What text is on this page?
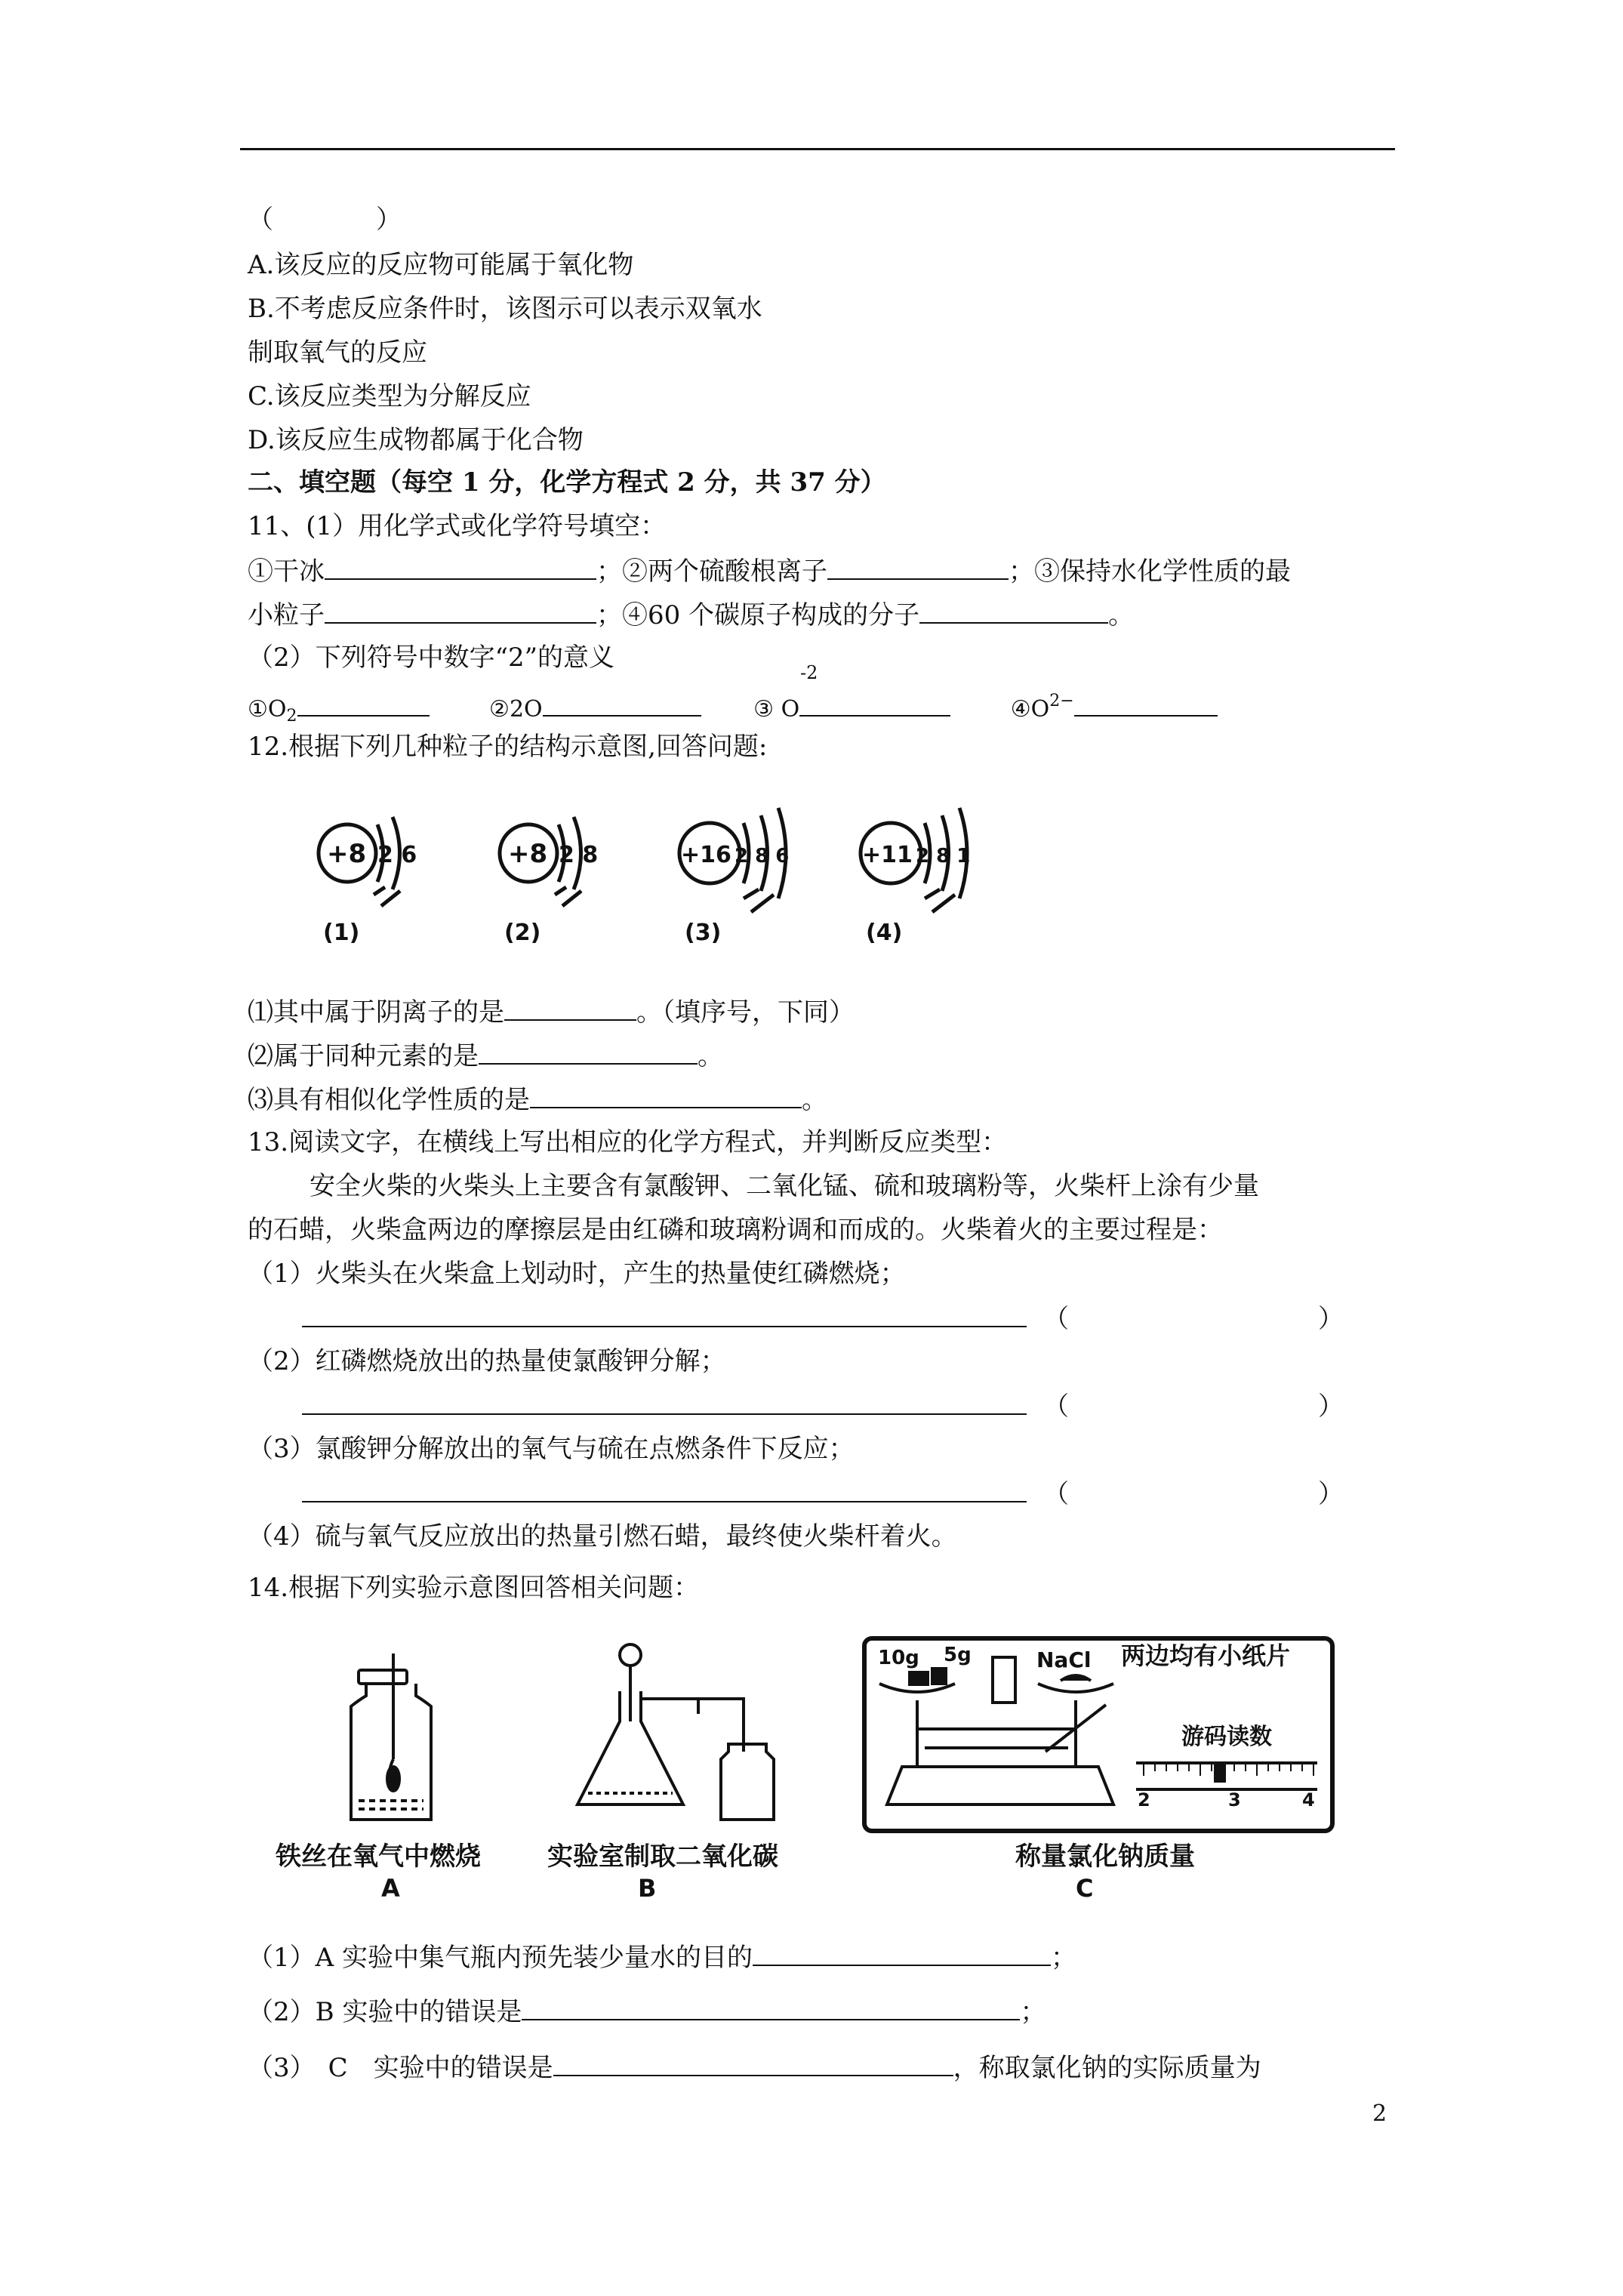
（　　　　）
A.该反应的反应物可能属于氧化物
B.不考虑反应条件时，该图示可以表示双氧水
制取氧气的反应
C.该反应类型为分解反应
D.该反应生成物都属于化合物
二、填空题（每空 1 分，化学方程式 2 分，共 37 分）
11、(1）用化学式或化学符号填空：
①干冰	；②两个硫酸根离子	；③保持水化学性质的最
小粒子	；④60 个碳原子构成的分子	。
（2）下列符号中数字“2”的意义	-2
$①O_2$	②2O	③ O	$④O^{2-}$
12.根据下列几种粒子的结构示意图,回答问题:
+8 2 6
(1)
+8 2 8
(2)
+16 2 8 6
(3)
+11 2 8 1
(4)
⑴其中属于阴离子的是	。（填序号，下同）
⑵属于同种元素的是	。
⑶具有相似化学性质的是	。
13.阅读文字，在横线上写出相应的化学方程式，并判断反应类型：
安全火柴的火柴头上主要含有氯酸钾、二氧化锰、硫和玻璃粉等，火柴杆上涂有少量
的石蜡，火柴盒两边的摩擦层是由红磷和玻璃粉调和而成的。火柴着火的主要过程是：
（1）火柴头在火柴盒上划动时，产生的热量使红磷燃烧；
（	）
（2）红磷燃烧放出的热量使氯酸钾分解；
（	）
（3）氯酸钾分解放出的氧气与硫在点燃条件下反应；
（	）
（4）硫与氧气反应放出的热量引燃石蜡，最终使火柴杆着火。
14.根据下列实验示意图回答相关问题：
铁丝在氧气中燃烧
A
实验室制取二氧化碳
B
10g 5g	NaCl 两边均有小纸片
游码读数
2	3	4
称量氯化钠质量
C
（1）A 实验中集气瓶内预先装少量水的目的	；
（2）B 实验中的错误是	；
（3）　C　实验中的错误是	，称取氯化钠的实际质量为
2
